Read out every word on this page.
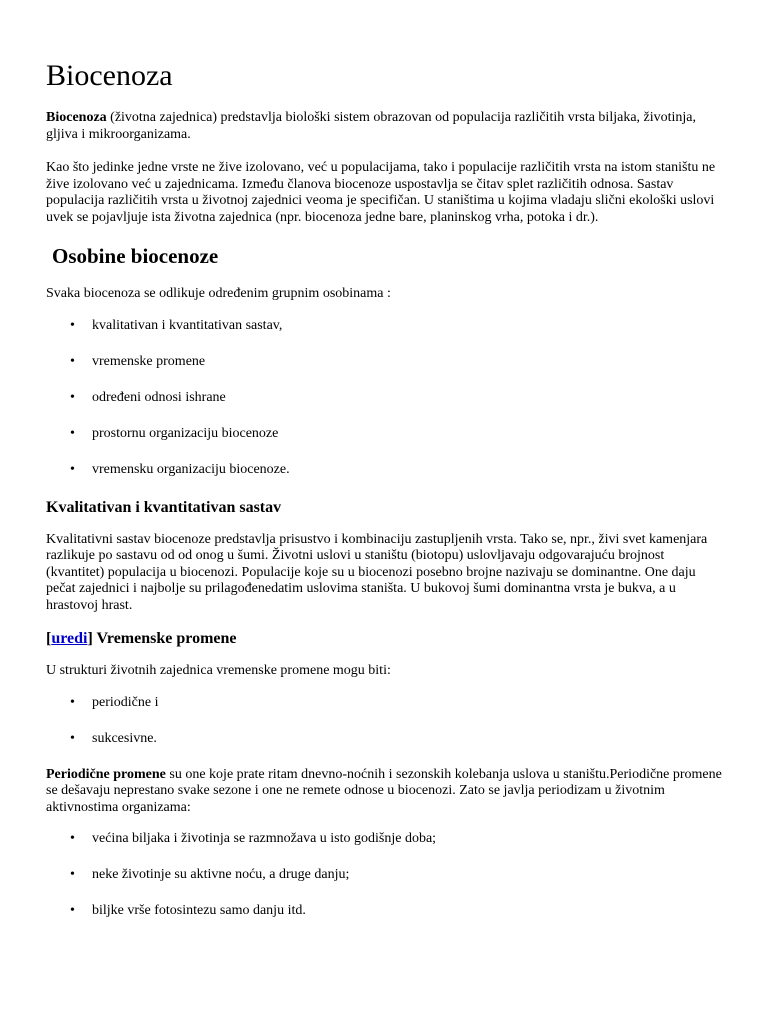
Biocenoza

Biocenoza (životna zajednica) predstavlja biološki sistem obrazovan od populacija različitih vrsta biljaka, životinja, gljiva i mikroorganizama.

Kao što jedinke jedne vrste ne žive izolovano, već u populacijama, tako i populacije različitih vrsta na istom staništu ne žive izolovano već u zajednicama. Između članova biocenoze uspostavlja se čitav splet različitih odnosa. Sastav populacija različitih vrsta u životnoj zajednici veoma je specifičan. U staništima u kojima vladaju slični ekološki uslovi uvek se pojavljuje ista životna zajednica (npr. biocenoza jedne bare, planinskog vrha, potoka i dr.).

Osobine biocenoze

Svaka biocenoza se odlikuje određenim grupnim osobinama :

• kvalitativan i kvantitativan sastav,
• vremenske promene
• određeni odnosi ishrane
• prostornu organizaciju biocenoze
• vremensku organizaciju biocenoze.
Kvalitativan i kvantitativan sastav

Kvalitativni sastav biocenoze predstavlja prisustvo i kombinaciju zastupljenih vrsta. Tako se, npr., živi svet kamenjara razlikuje po sastavu od od onog u šumi. Životni uslovi u staništu (biotopu) uslovljavaju odgovarajuću brojnost (kvantitet) populacija u biocenozi. Populacije koje su u biocenozi posebno brojne nazivaju se dominantne. One daju pečat zajednici i najbolje su prilagođenedatim uslovima staništa. U bukovoj šumi dominantna vrsta je bukva, a u hrastovoj hrast.

[uredi] Vremenske promene

U strukturi životnih zajednica vremenske promene mogu biti:

• periodične i
• sukcesivne.

Periodične promene su one koje prate ritam dnevno-noćnih i sezonskih kolebanja uslova u staništu.Periodične promene se dešavaju neprestano svake sezone i one ne remete odnose u biocenozi. Zato se javlja periodizam u životnim aktivnostima organizama:

• većina biljaka i životinja se razmnožava u isto godišnje doba;
• neke životinje su aktivne noću, a druge danju;
• biljke vrše fotosintezu samo danju itd.
